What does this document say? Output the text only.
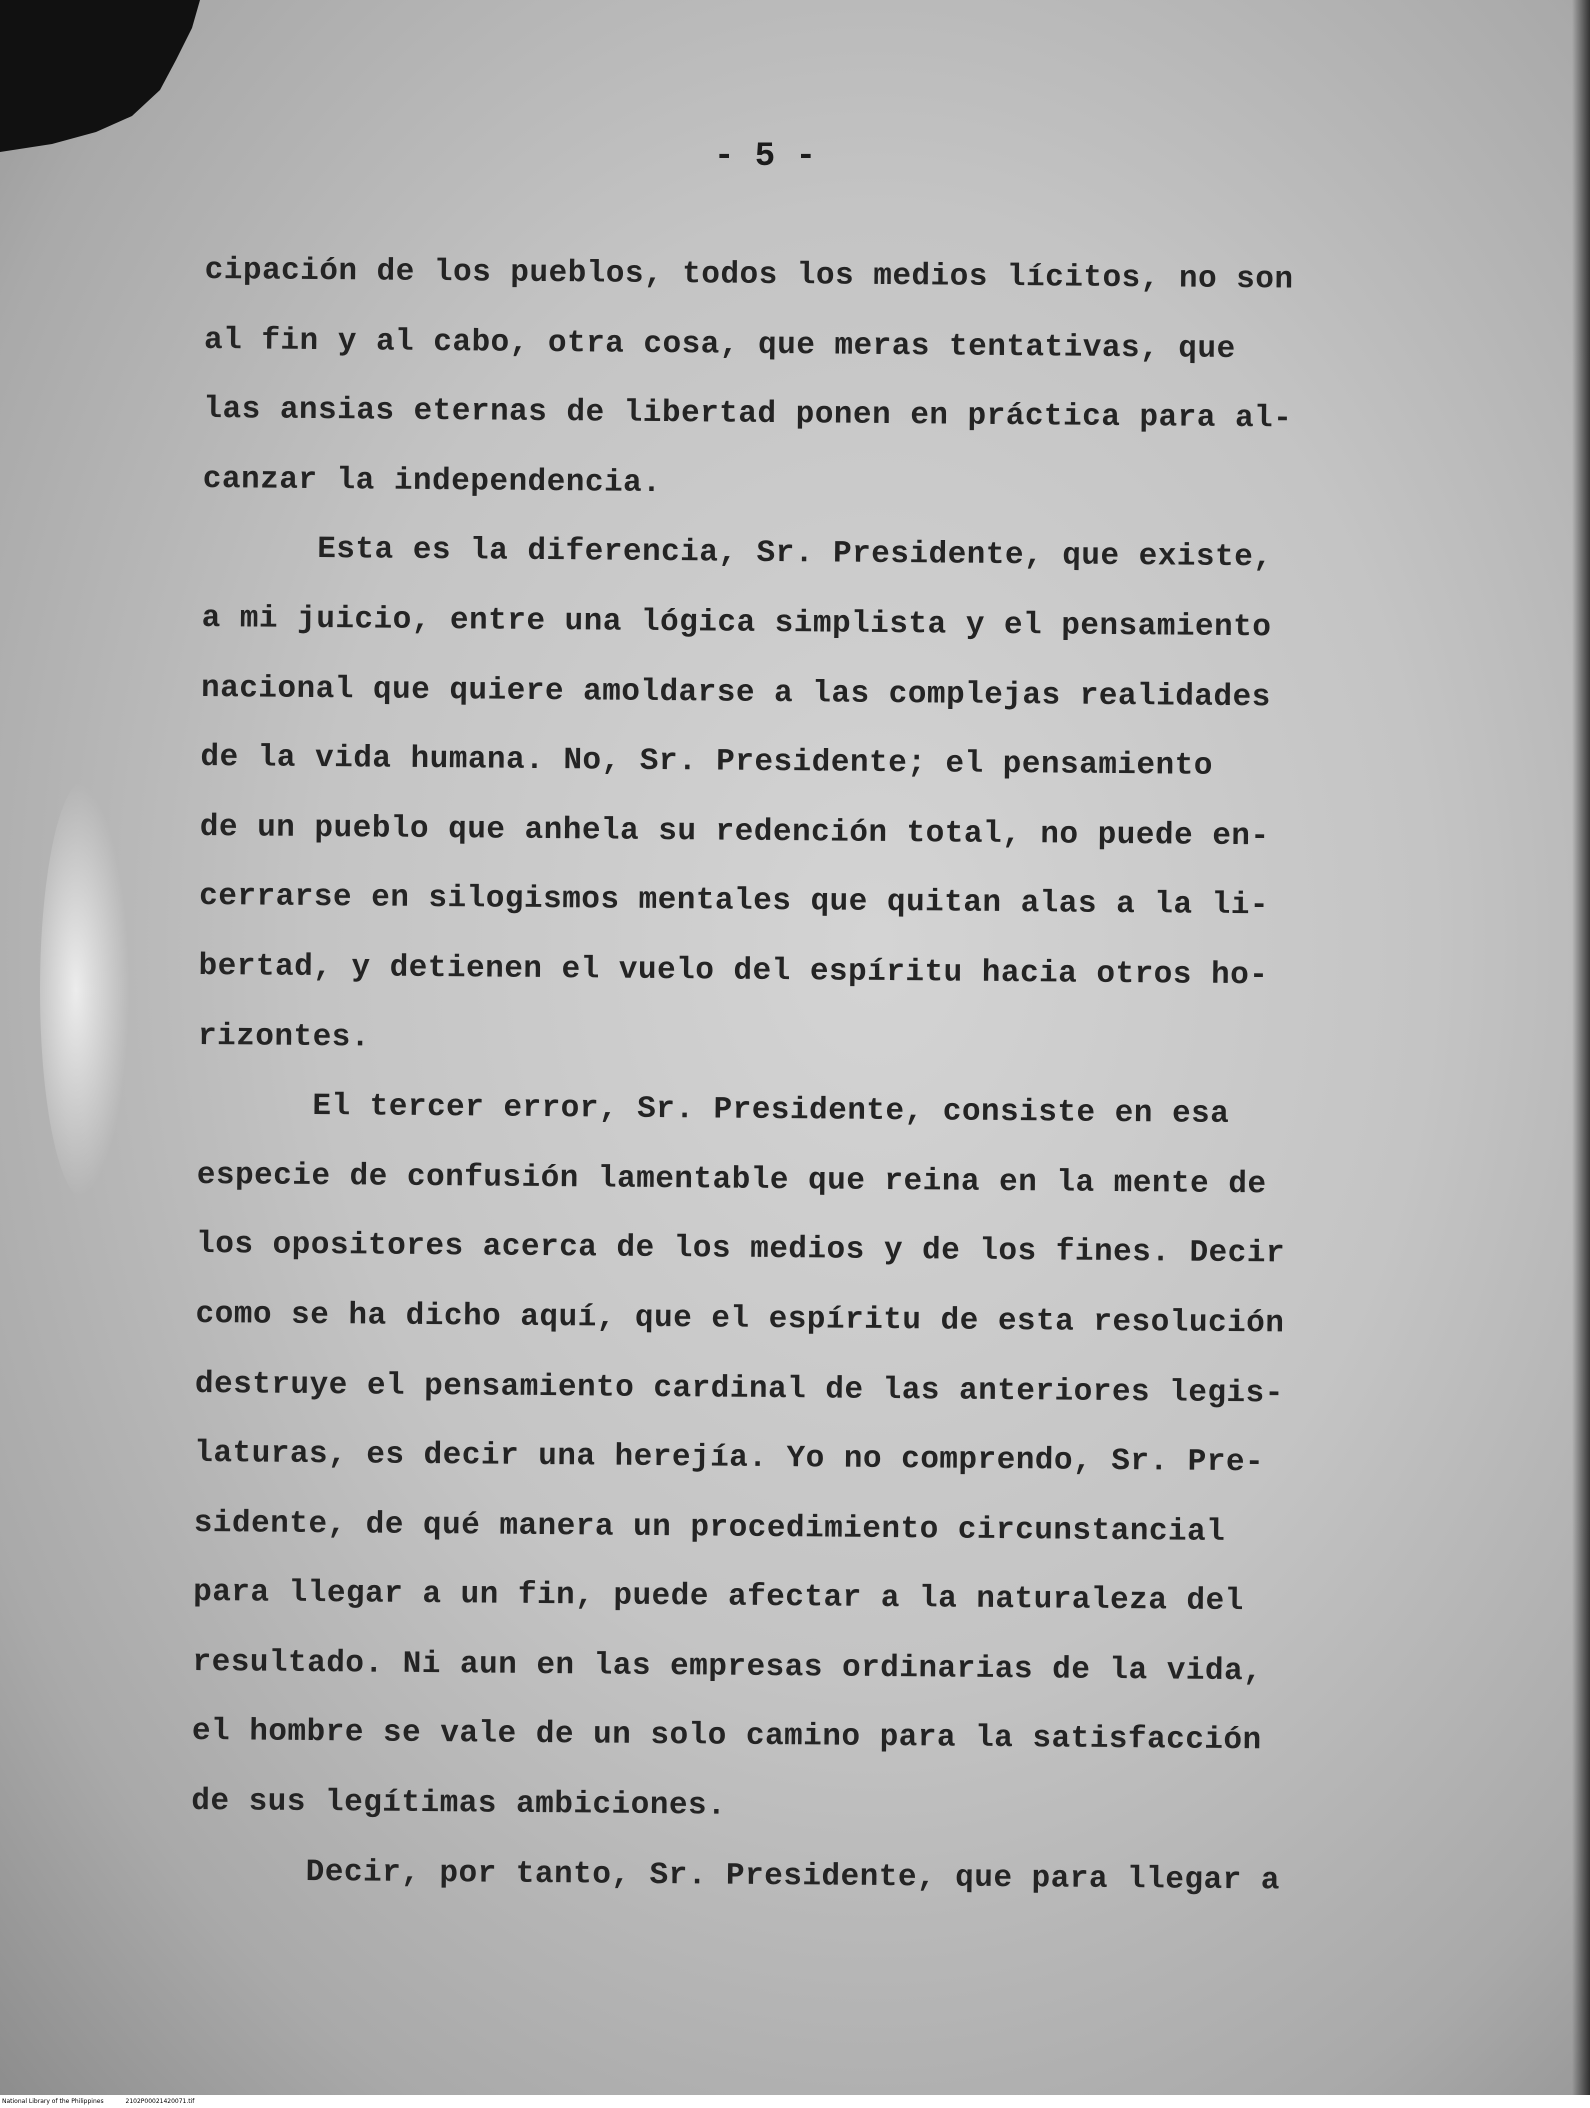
- 5 -
cipación de los pueblos, todos los medios lícitos, no son
al fin y al cabo, otra cosa, que meras tentativas, que
las ansias eternas de libertad ponen en práctica para al-
canzar la independencia.
Esta es la diferencia, Sr. Presidente, que existe,
a mi juicio, entre una lógica simplista y el pensamiento
nacional que quiere amoldarse a las complejas realidades
de la vida humana. No, Sr. Presidente; el pensamiento
de un pueblo que anhela su redención total, no puede en-
cerrarse en silogismos mentales que quitan alas a la li-
bertad, y detienen el vuelo del espíritu hacia otros ho-
rizontes.
El tercer error, Sr. Presidente, consiste en esa
especie de confusión lamentable que reina en la mente de
los opositores acerca de los medios y de los fines. Decir
como se ha dicho aquí, que el espíritu de esta resolución
destruye el pensamiento cardinal de las anteriores legis-
laturas, es decir una herejía. Yo no comprendo, Sr. Pre-
sidente, de qué manera un procedimiento circunstancial
para llegar a un fin, puede afectar a la naturaleza del
resultado. Ni aun en las empresas ordinarias de la vida,
el hombre se vale de un solo camino para la satisfacción
de sus legítimas ambiciones.
Decir, por tanto, Sr. Presidente, que para llegar a
National Library of the Philippines	2102P00021420071.tif
